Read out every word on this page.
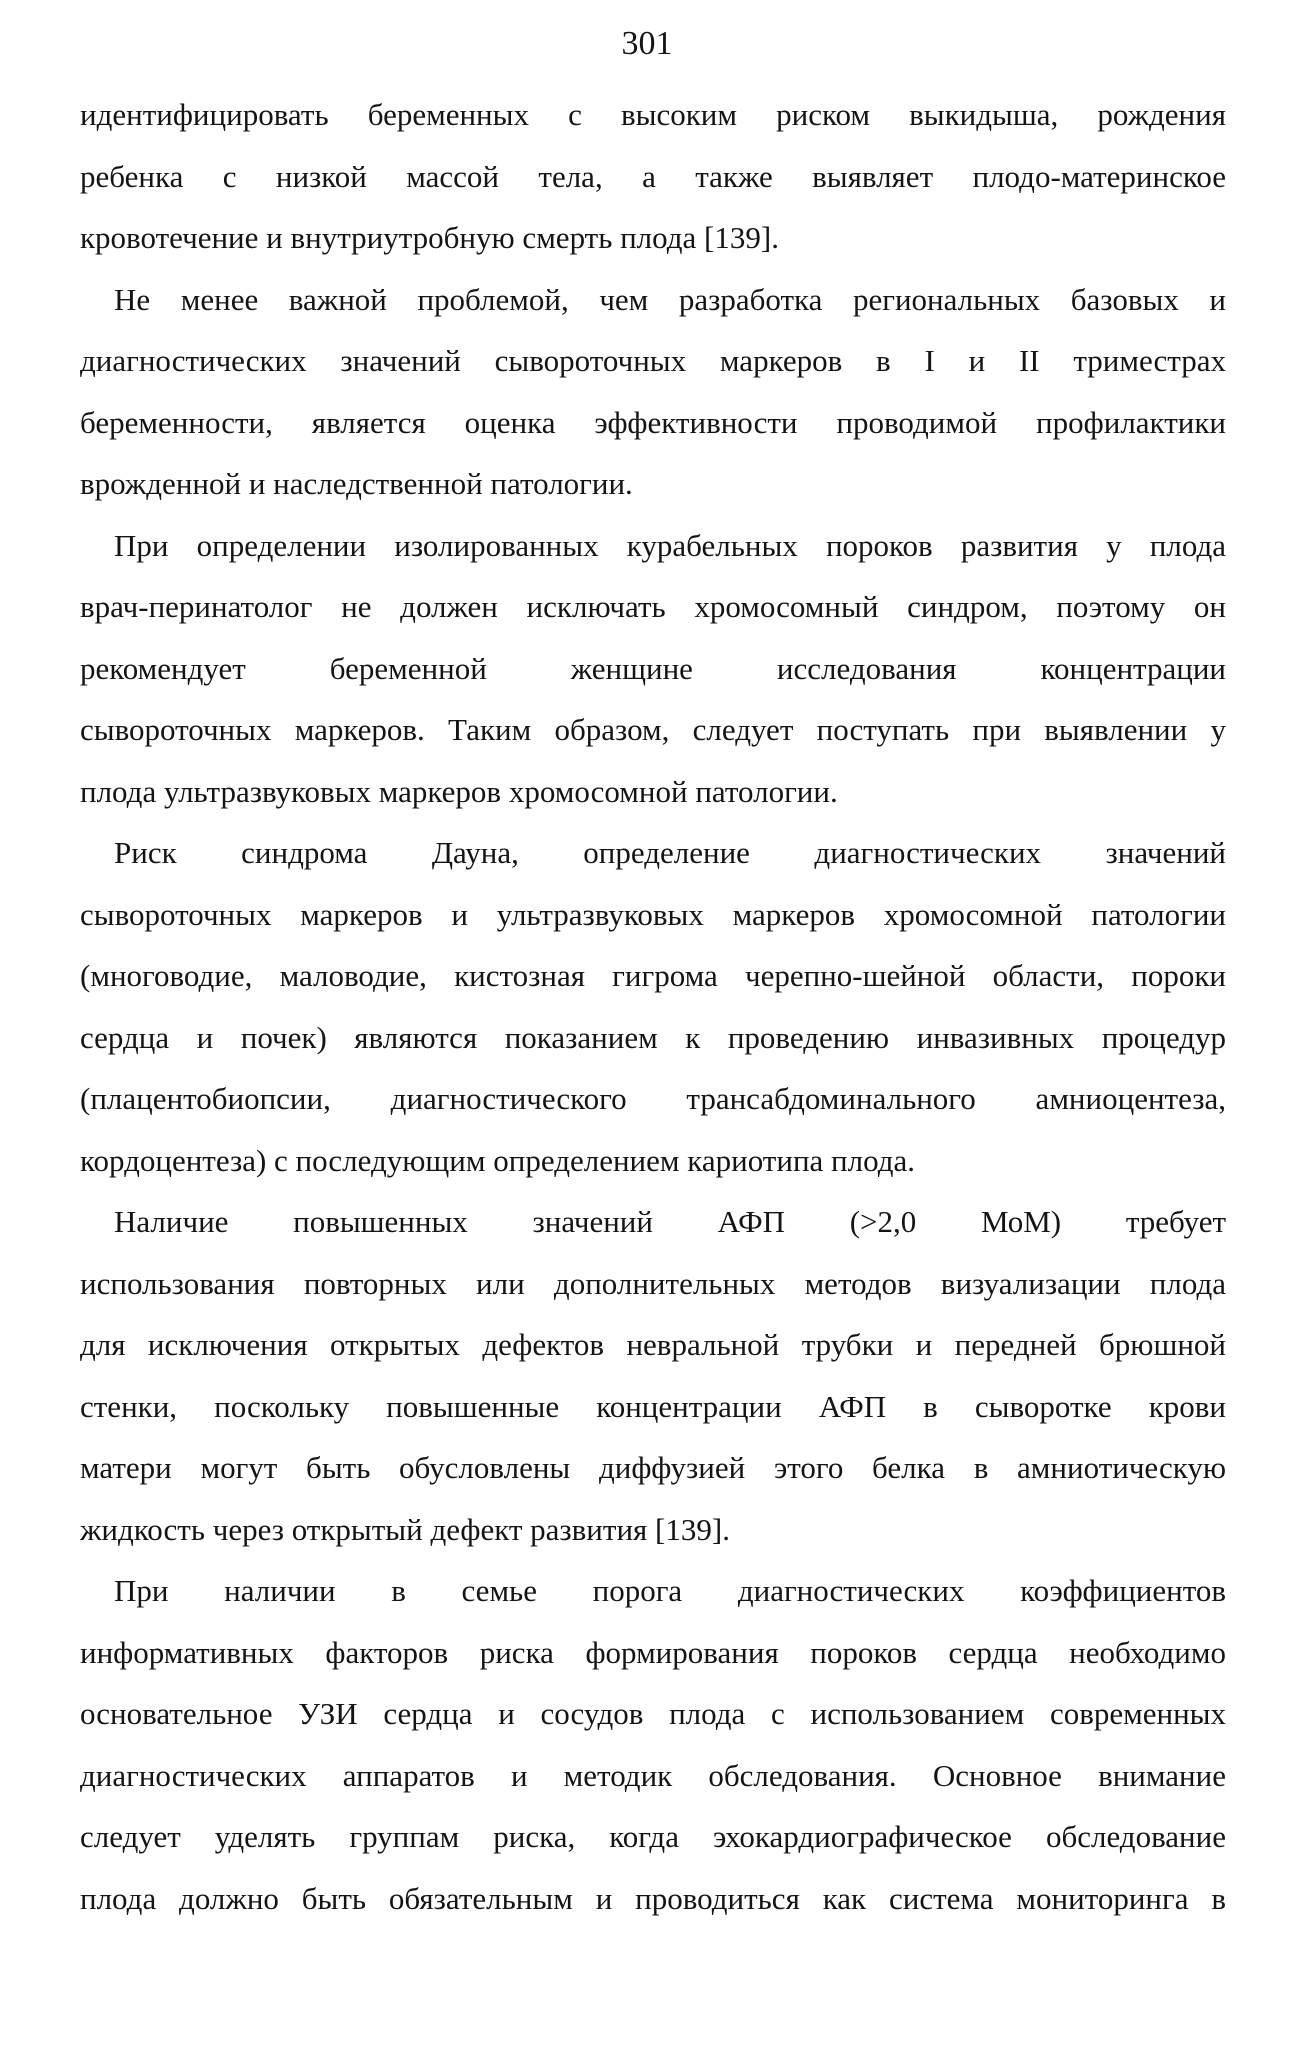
301
идентифицировать беременных с высоким риском выкидыша, рождения
ребенка с низкой массой тела, а также выявляет плодо-материнское
кровотечение и внутриутробную смерть плода [139].
Не менее важной проблемой, чем разработка региональных базовых и
диагностических значений сывороточных маркеров в I и II триместрах
беременности, является оценка эффективности проводимой профилактики
врожденной и наследственной патологии.
При определении изолированных курабельных пороков развития у плода
врач-перинатолог не должен исключать хромосомный синдром, поэтому он
рекомендует беременной женщине исследования концентрации
сывороточных маркеров. Таким образом, следует поступать при выявлении у
плода ультразвуковых маркеров хромосомной патологии.
Риск синдрома Дауна, определение диагностических значений
сывороточных маркеров и ультразвуковых маркеров хромосомной патологии
(многоводие, маловодие, кистозная гигрома черепно-шейной области, пороки
сердца и почек) являются показанием к проведению инвазивных процедур
(плацентобиопсии, диагностического трансабдоминального амниоцентеза,
кордоцентеза) с последующим определением кариотипа плода.
Наличие повышенных значений АФП (>2,0 МоМ) требует
использования повторных или дополнительных методов визуализации плода
для исключения открытых дефектов невральной трубки и передней брюшной
стенки, поскольку повышенные концентрации АФП в сыворотке крови
матери могут быть обусловлены диффузией этого белка в амниотическую
жидкость через открытый дефект развития [139].
При наличии в семье порога диагностических коэффициентов
информативных факторов риска формирования пороков сердца необходимо
основательное УЗИ сердца и сосудов плода с использованием современных
диагностических аппаратов и методик обследования. Основное внимание
следует уделять группам риска, когда эхокардиографическое обследование
плода должно быть обязательным и проводиться как система мониторинга в
